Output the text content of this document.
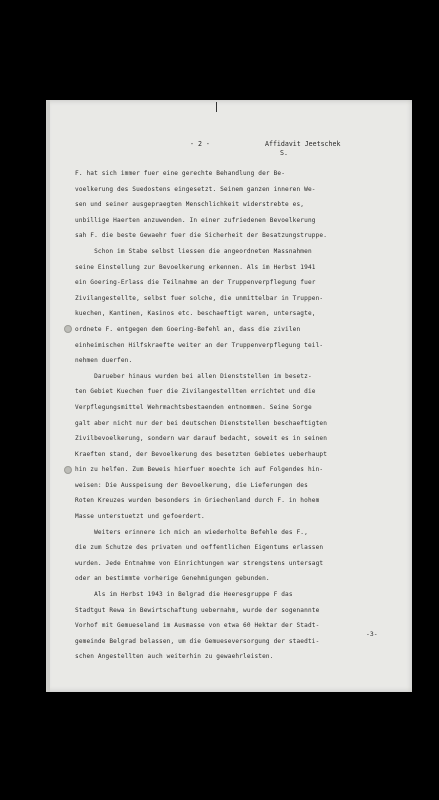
- 2 -	Affidavit Jeetschek
S.
F. hat sich immer fuer eine gerechte Behandlung der Be-
voelkerung des Suedostens eingesetzt. Seinem ganzen inneren We-
sen und seiner ausgepraegten Menschlichkeit widerstrebte es,
unbillige Haerten anzuwenden. In einer zufriedenen Bevoelkerung
sah F. die beste Gewaehr fuer die Sicherheit der Besatzungstruppe.
Schon im Stabe selbst liessen die angeordneten Massnahmen
seine Einstellung zur Bevoelkerung erkennen. Als im Herbst 1941
ein Goering-Erlass die Teilnahme an der Truppenverpflegung fuer
Zivilangestellte, selbst fuer solche, die unmittelbar in Truppen-
kuechen, Kantinen, Kasinos etc. beschaeftigt waren, untersagte,
ordnete F. entgegen dem Goering-Befehl an, dass die zivilen
einheimischen Hilfskraefte weiter an der Truppenverpflegung teil-
nehmen duerfen.
Darueber hinaus wurden bei allen Dienststellen im besetz-
ten Gebiet Kuechen fuer die Zivilangestellten errichtet und die
Verpflegungsmittel Wehrmachtsbestaenden entnommen. Seine Sorge
galt aber nicht nur der bei deutschen Dienststellen beschaeftigten
Zivilbevoelkerung, sondern war darauf bedacht, soweit es in seinen
Kraeften stand, der Bevoelkerung des besetzten Gebietes ueberhaupt
hin zu helfen. Zum Beweis hierfuer moechte ich auf Folgendes hin-
weisen: Die Ausspeisung der Bevoelkerung, die Lieferungen des
Roten Kreuzes wurden besonders in Griechenland durch F. in hohem
Masse unterstuetzt und gefoerdert.
Weiters erinnere ich mich an wiederholte Befehle des F.,
die zum Schutze des privaten und oeffentlichen Eigentums erlassen
wurden. Jede Entnahme von Einrichtungen war strengstens untersagt
oder an bestimmte vorherige Genehmigungen gebunden.
Als im Herbst 1943 in Belgrad die Heeresgruppe F das
Stadtgut Rewa in Bewirtschaftung uebernahm, wurde der sogenannte
Vorhof mit Gemueseland im Ausmasse von etwa 60 Hektar der Stadt-
gemeinde Belgrad belassen, um die Gemueseversorgung der staedti-
schen Angestellten auch weiterhin zu gewaehrleisten.
-3-
